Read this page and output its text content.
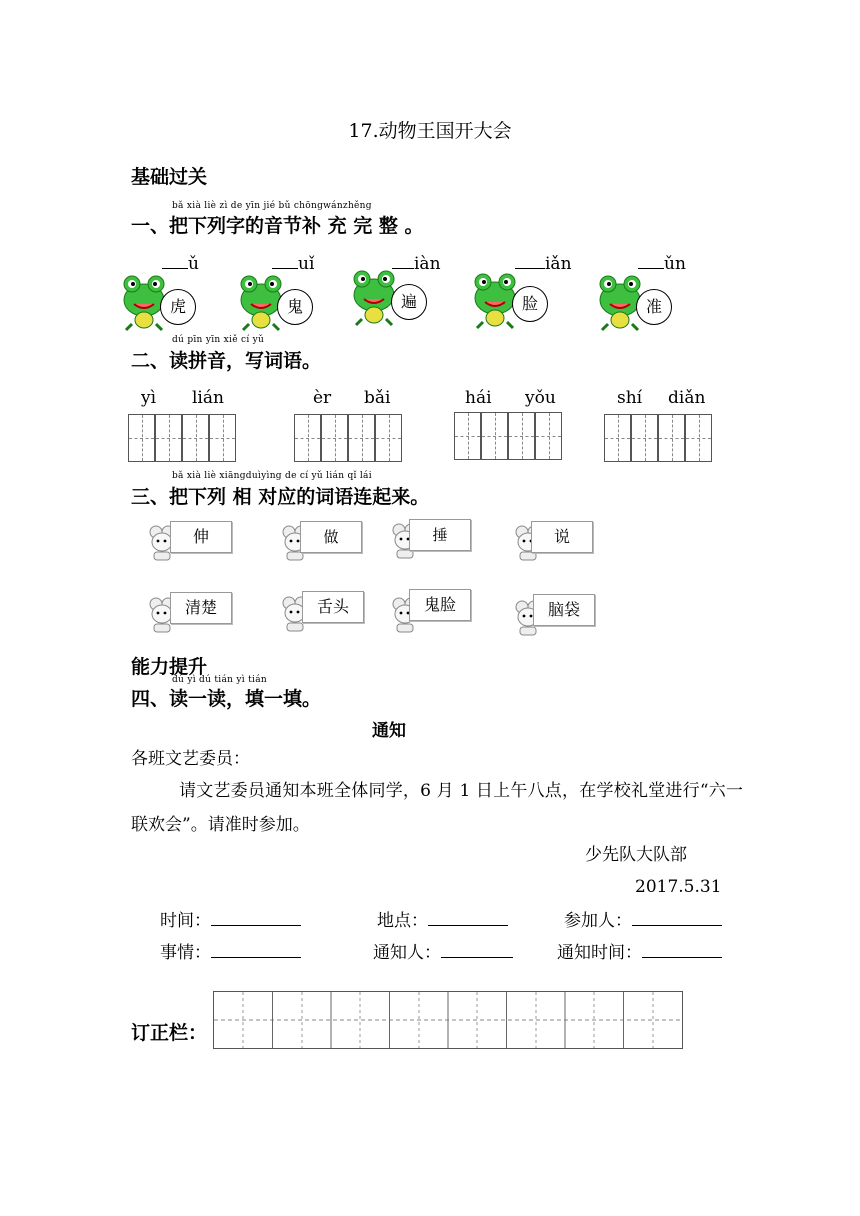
17.动物王国开大会
基础过关
bǎ xià liè zì de yīn jié bǔ chōngwánzhěng
一、把下列字的音节补 充 完 整 。
ǔ
虎
uǐ
鬼
iàn
遍
iǎn
脸
ǔn
准
dú pīn yīn xiě cí yǔ
二、读拼音，写词语。
yì lián	èr bǎi	hái yǒu	shí diǎn
bǎ xià liè xiāngduìyìng de cí yǔ lián qǐ lái
三、把下列 相 对应的词语连起来。
伸	做	捶	说
清楚	舌头	鬼脸	脑袋
能力提升
dú yì dú tián yì tián
四、读一读，填一填。
通知
各班文艺委员：
请文艺委员通知本班全体同学，6 月 1 日上午八点，在学校礼堂进行“六一联欢会”。请准时参加。
少先队大队部
2017.5.31
时间：	地点：	参加人：
事情：	通知人：	通知时间：
订正栏：
